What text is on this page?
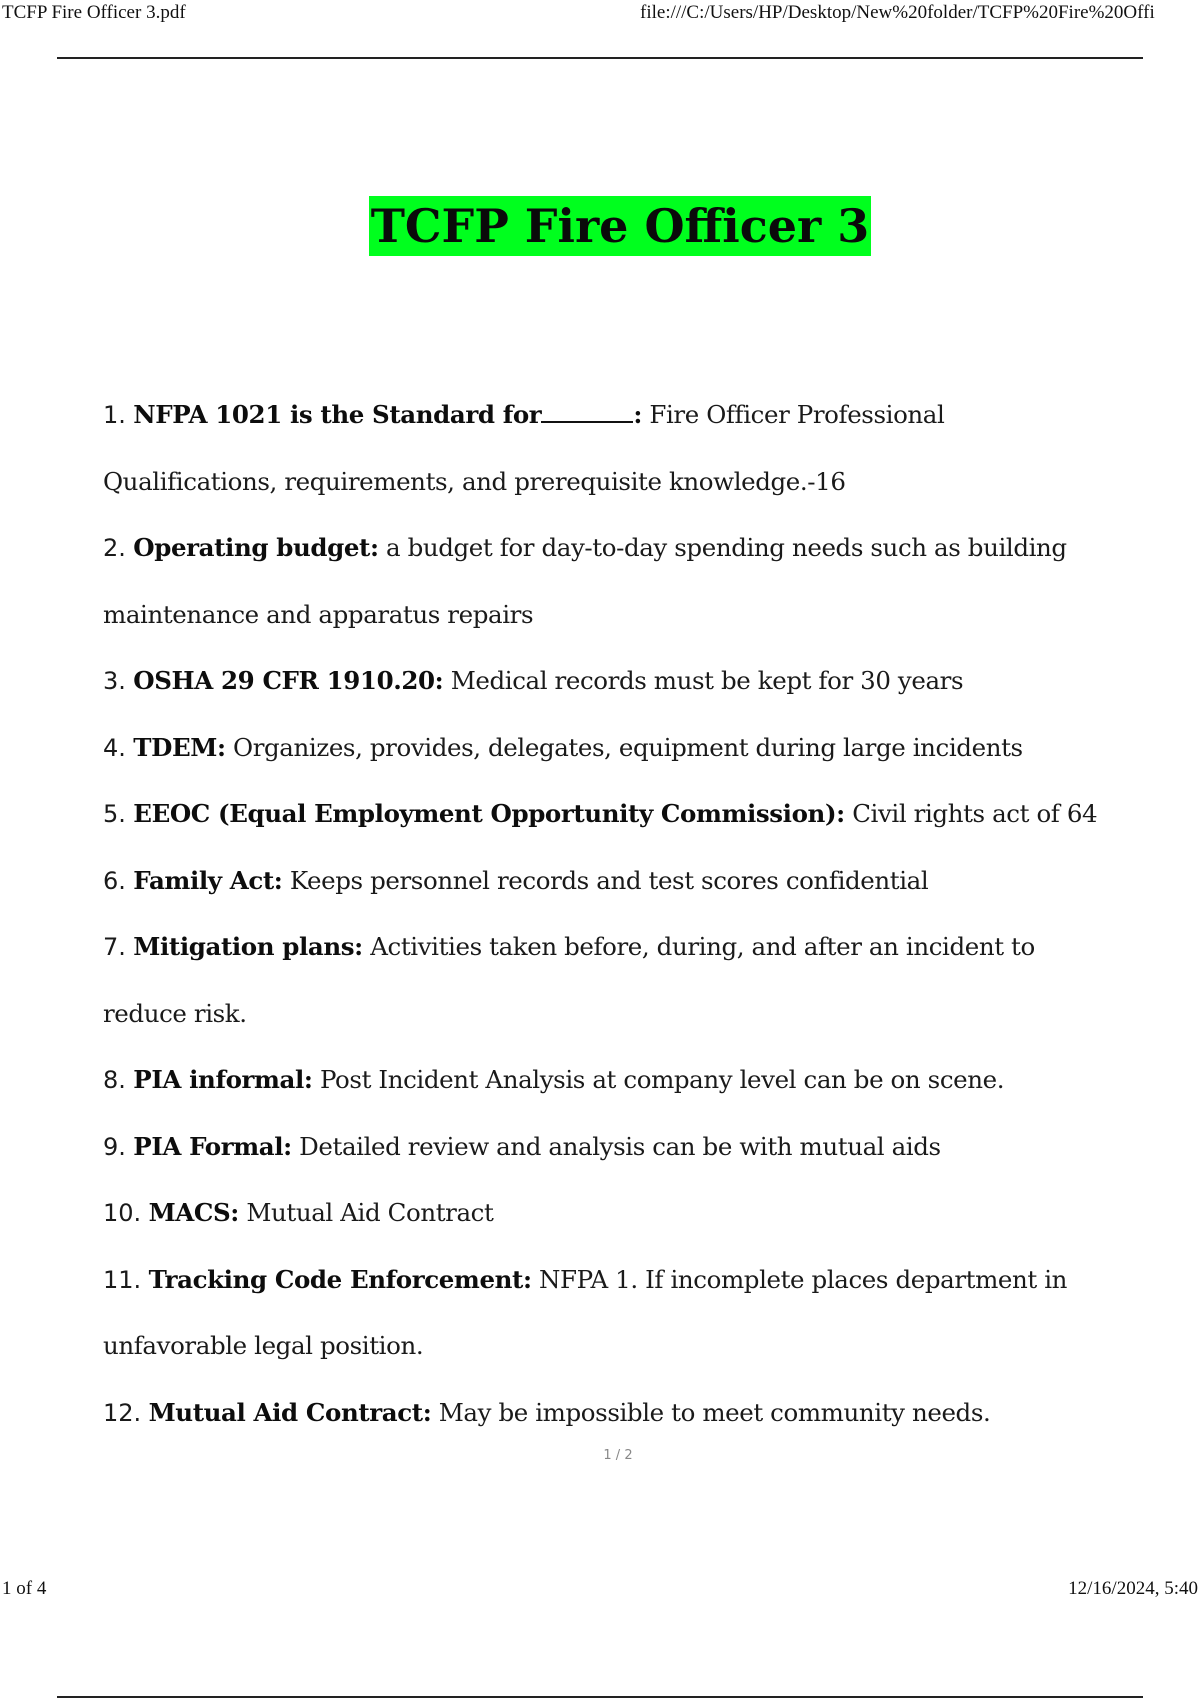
TCFP Fire Officer 3.pdf	file:///C:/Users/HP/Desktop/New%20folder/TCFP%20Fire%20Offi
TCFP Fire Officer 3
1. NFPA 1021 is the Standard for	: Fire Officer Professional Qualifications, requirements, and prerequisite knowledge.-16
2. Operating budget: a budget for day-to-day spending needs such as building maintenance and apparatus repairs
3. OSHA 29 CFR 1910.20: Medical records must be kept for 30 years
4. TDEM: Organizes, provides, delegates, equipment during large incidents
5. EEOC (Equal Employment Opportunity Commission): Civil rights act of 64
6. Family Act: Keeps personnel records and test scores confidential
7. Mitigation plans: Activities taken before, during, and after an incident to reduce risk.
8. PIA informal: Post Incident Analysis at company level can be on scene.
9. PIA Formal: Detailed review and analysis can be with mutual aids
10. MACS: Mutual Aid Contract
11. Tracking Code Enforcement: NFPA 1. If incomplete places department in unfavorable legal position.
12. Mutual Aid Contract: May be impossible to meet community needs.
1 / 2
1 of 4	12/16/2024, 5:40
